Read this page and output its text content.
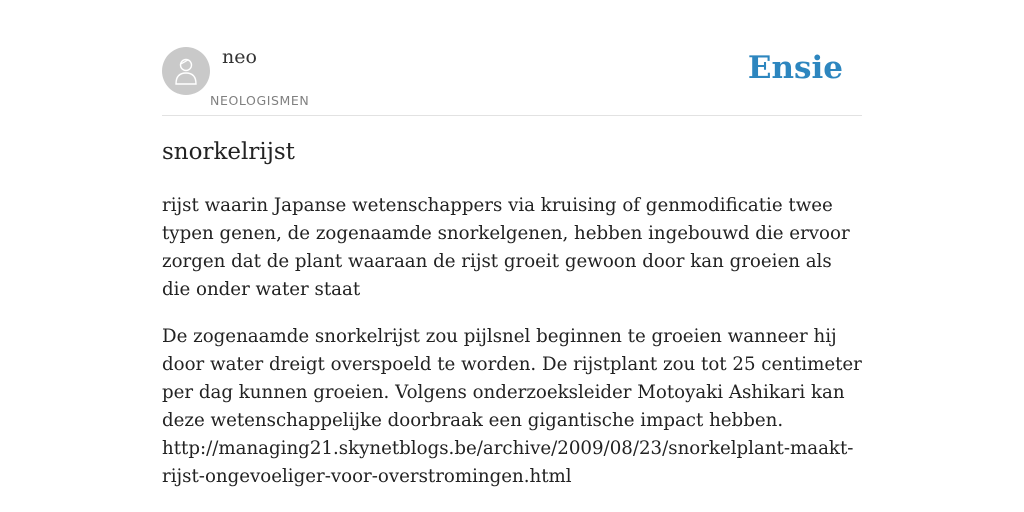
neo
NEOLOGISMEN
Ensie
snorkelrijst

rijst waarin Japanse wetenschappers via kruising of genmodificatie twee typen genen, de zogenaamde snorkelgenen, hebben ingebouwd die ervoor zorgen dat de plant waaraan de rijst groeit gewoon door kan groeien als die onder water staat

De zogenaamde snorkelrijst zou pijlsnel beginnen te groeien wanneer hij door water dreigt overspoeld te worden. De rijstplant zou tot 25 centimeter per dag kunnen groeien. Volgens onderzoeksleider Motoyaki Ashikari kan deze wetenschappelijke doorbraak een gigantische impact hebben.
http://managing21.skynetblogs.be/archive/2009/08/23/snorkelplant-maakt-rijst-ongevoeliger-voor-overstromingen.html
